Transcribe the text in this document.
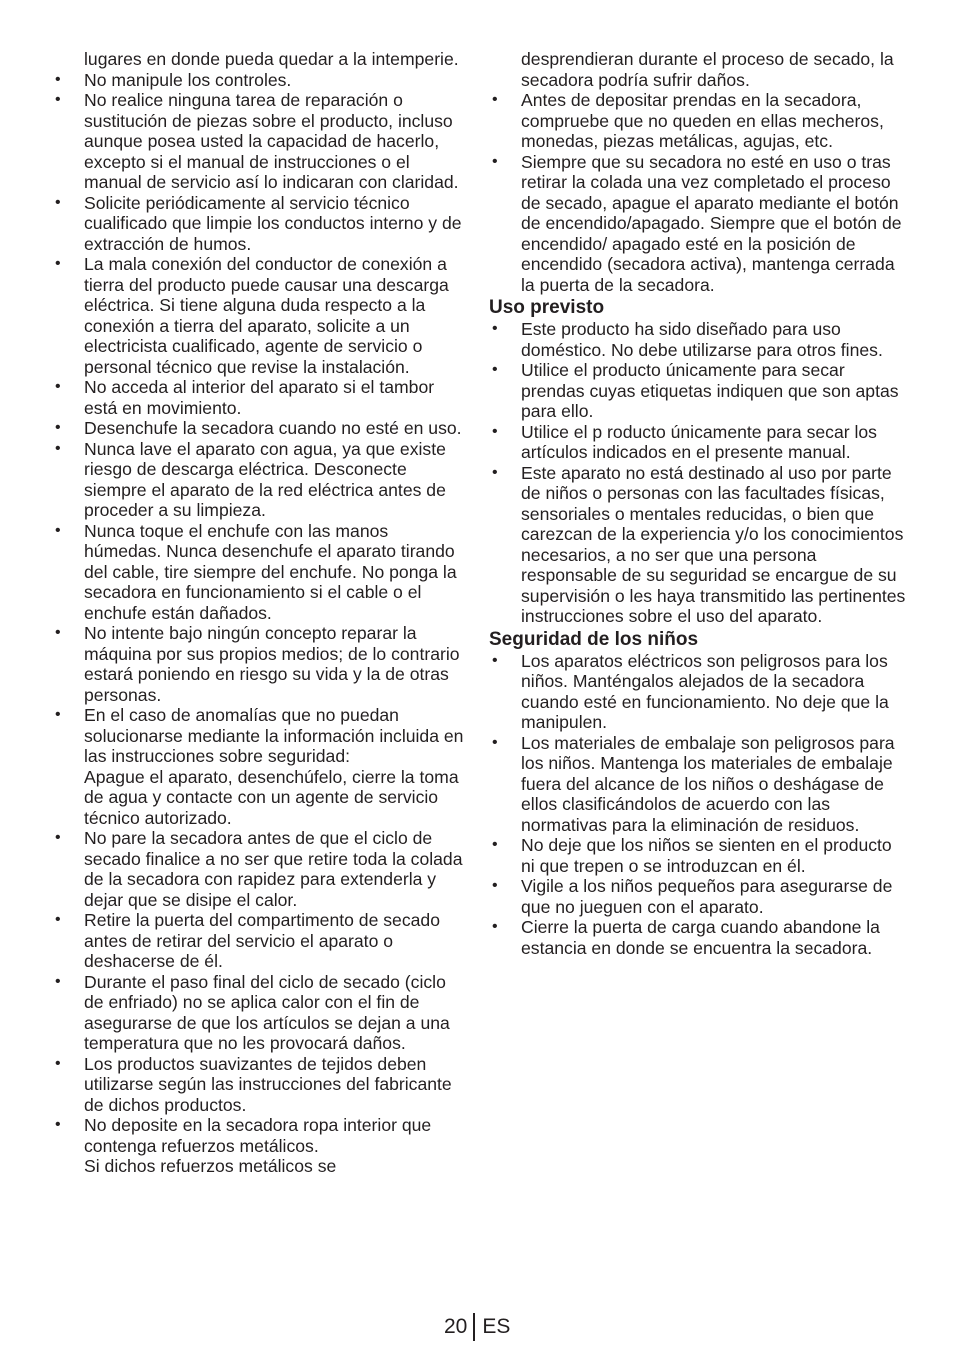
lugares en donde pueda quedar a la intemperie.
• No manipule los controles.
• No realice ninguna tarea de reparación o sustitución de piezas sobre el producto, incluso aunque posea usted la capacidad de hacerlo, excepto si el manual de instrucciones o el manual de servicio así lo indicaran con claridad.
• Solicite periódicamente al servicio técnico cualificado que limpie los conductos interno y de extracción de humos.
• La mala conexión del conductor de conexión a tierra del producto puede causar una descarga eléctrica. Si tiene alguna duda respecto a la conexión a tierra del aparato, solicite a un electricista cualificado, agente de servicio o personal técnico que revise la instalación.
• No acceda al interior del aparato si el tambor está en movimiento.
• Desenchufe la secadora cuando no esté en uso.
• Nunca lave el aparato con agua, ya que existe riesgo de descarga eléctrica. Desconecte siempre el aparato de la red eléctrica antes de proceder a su limpieza.
• Nunca toque el enchufe con las manos húmedas. Nunca desenchufe el aparato tirando del cable, tire siempre del enchufe. No ponga la secadora en funcionamiento si el cable o el enchufe están dañados.
• No intente bajo ningún concepto reparar la máquina por sus propios medios; de lo contrario estará poniendo en riesgo su vida y la de otras personas.
• En el caso de anomalías que no puedan solucionarse mediante la información incluida en las instrucciones sobre seguridad:
Apague el aparato, desenchúfelo, cierre la toma de agua y contacte con un agente de servicio técnico autorizado.
• No pare la secadora antes de que el ciclo de secado finalice a no ser que retire toda la colada de la secadora con rapidez para extenderla y dejar que se disipe el calor.
• Retire la puerta del compartimento de secado antes de retirar del servicio el aparato o deshacerse de él.
• Durante el paso final del ciclo de secado (ciclo de enfriado) no se aplica calor con el fin de asegurarse de que los artículos se dejan a una temperatura que no les provocará daños.
• Los productos suavizantes de tejidos deben utilizarse según las instrucciones del fabricante de dichos productos.
• No deposite en la secadora ropa interior que contenga refuerzos metálicos.
Si dichos refuerzos metálicos se
desprendieran durante el proceso de secado, la secadora podría sufrir daños.
• Antes de depositar prendas en la secadora, compruebe que no queden en ellas mecheros, monedas, piezas metálicas, agujas, etc.
• Siempre que su secadora no esté en uso o tras retirar la colada una vez completado el proceso de secado, apague el aparato mediante el botón de encendido/apagado. Siempre que el botón de encendido/ apagado esté en la posición de encendido (secadora activa), mantenga cerrada la puerta de la secadora.
Uso previsto
• Este producto ha sido diseñado para uso doméstico. No debe utilizarse para otros fines.
• Utilice el producto únicamente para secar prendas cuyas etiquetas indiquen que son aptas para ello.
• Utilice el p roducto únicamente para secar los artículos indicados en el presente manual.
• Este aparato no está destinado al uso por parte de niños o personas con las facultades físicas, sensoriales o mentales reducidas, o bien que carezcan de la experiencia y/o los conocimientos necesarios, a no ser que una persona responsable de su seguridad se encargue de su supervisión o les haya transmitido las pertinentes instrucciones sobre el uso del aparato.
Seguridad de los niños
• Los aparatos eléctricos son peligrosos para los niños. Manténgalos alejados de la secadora cuando esté en funcionamiento. No deje que la manipulen.
• Los materiales de embalaje son peligrosos para los niños. Mantenga los materiales de embalaje fuera del alcance de los niños o deshágase de ellos clasificándolos de acuerdo con las normativas para la eliminación de residuos.
• No deje que los niños se sienten en el producto ni que trepen o se introduzcan en él.
• Vigile a los niños pequeños para asegurarse de que no jueguen con el aparato.
• Cierre la puerta de carga cuando abandone la estancia en donde se encuentra la secadora.
20 ES
